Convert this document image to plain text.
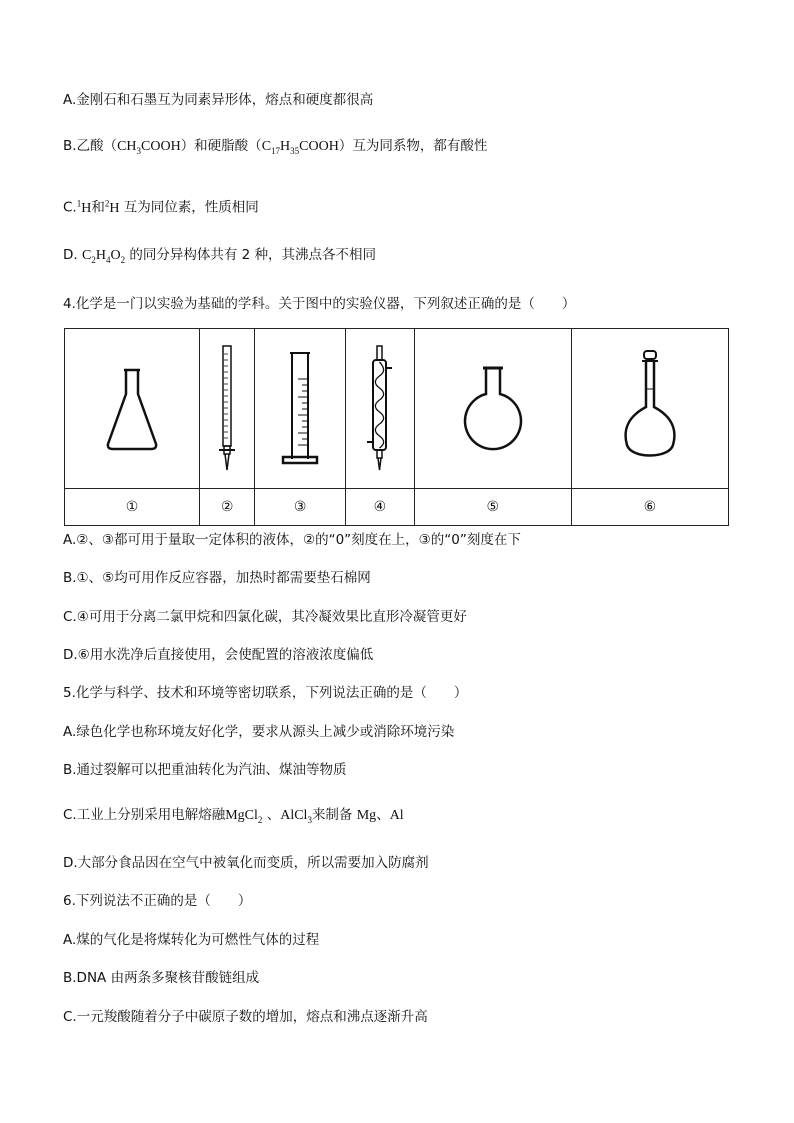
A.金刚石和石墨互为同素异形体，熔点和硬度都很高
B.乙酸$(CH_3COOH)$和硬脂酸$(C_{17}H_{35}COOH)$互为同系物，都有酸性
C.$^1$H和$^2$H 互为同位素，性质相同
D. $C_2H_4O_2$ 的同分异构体共有 2 种，其沸点各不相同
4.化学是一门以实验为基础的学科。关于图中的实验仪器，下列叙述正确的是（　　）

①	②	③	④	⑤	⑥
A.②、③都可用于量取一定体积的液体，②的“0”刻度在上，③的“0”刻度在下
B.①、⑤均可用作反应容器，加热时都需要垫石棉网
C.④可用于分离二氯甲烷和四氯化碳，其冷凝效果比直形冷凝管更好
D.⑥用水洗净后直接使用，会使配置的溶液浓度偏低
5.化学与科学、技术和环境等密切联系，下列说法正确的是（　　）
A.绿色化学也称环境友好化学，要求从源头上减少或消除环境污染
B.通过裂解可以把重油转化为汽油、煤油等物质
C.工业上分别采用电解熔融MgCl$_2$ 、AlCl$_3$来制备 Mg、Al
D.大部分食品因在空气中被氧化而变质，所以需要加入防腐剂
6.下列说法不正确的是（　　）
A.煤的气化是将煤转化为可燃性气体的过程
B.DNA 由两条多聚核苷酸链组成
C.一元羧酸随着分子中碳原子数的增加，熔点和沸点逐渐升高
